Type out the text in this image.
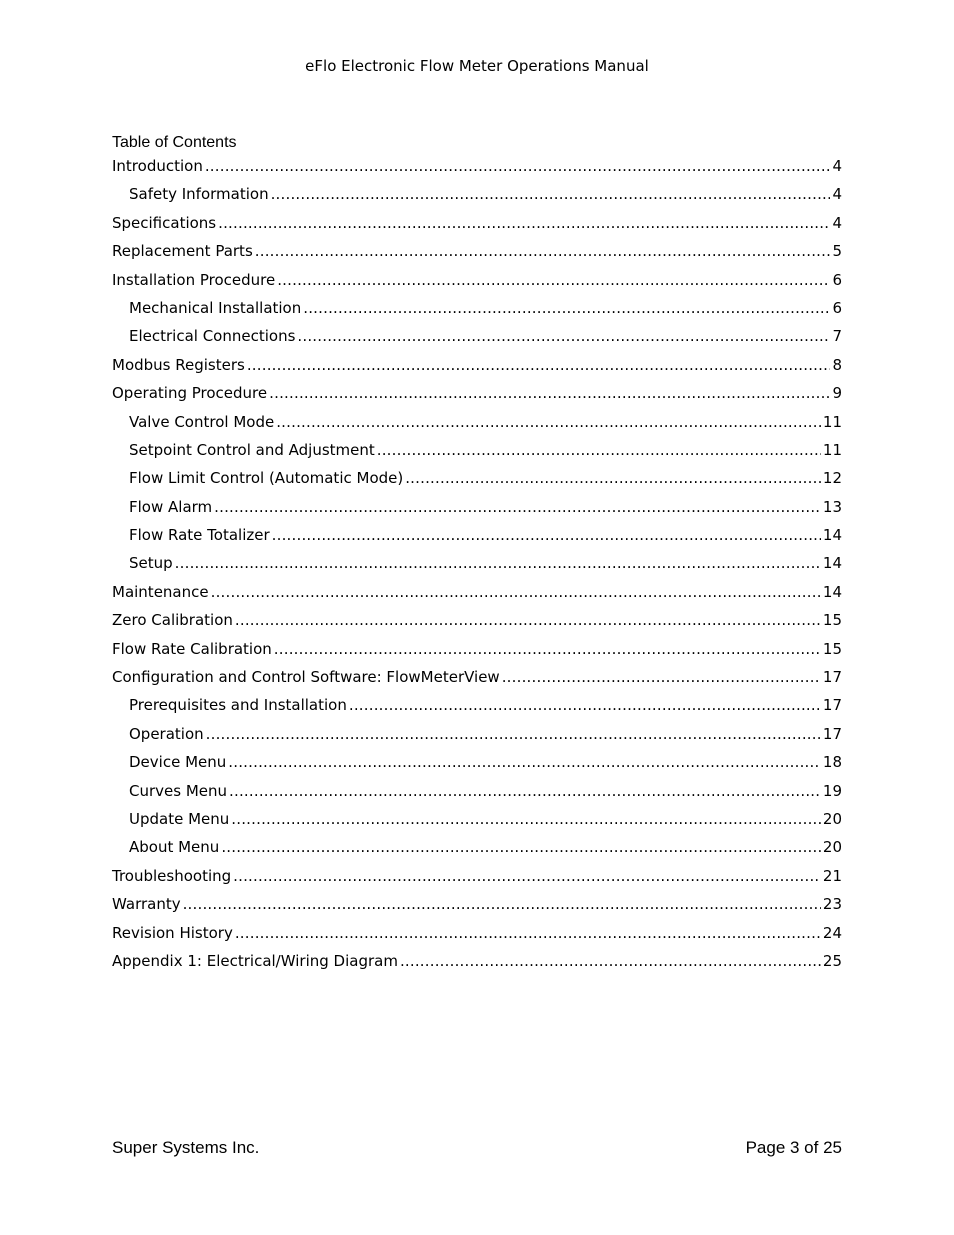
eFlo Electronic Flow Meter Operations Manual
Table of Contents
Introduction .....	4
Safety Information .....	4
Specifications .....	4
Replacement Parts .....	5
Installation Procedure .....	6
Mechanical Installation .....	6
Electrical Connections .....	7
Modbus Registers .....	8
Operating Procedure .....	9
Valve Control Mode .....	11
Setpoint Control and Adjustment .....	11
Flow Limit Control (Automatic Mode) .....	12
Flow Alarm .....	13
Flow Rate Totalizer .....	14
Setup .....	14
Maintenance .....	14
Zero Calibration .....	15
Flow Rate Calibration .....	15
Configuration and Control Software: FlowMeterView .....	17
Prerequisites and Installation .....	17
Operation .....	17
Device Menu .....	18
Curves Menu .....	19
Update Menu .....	20
About Menu .....	20
Troubleshooting .....	21
Warranty .....	23
Revision History .....	24
Appendix 1: Electrical/Wiring Diagram .....	25
Super Systems Inc.	Page 3 of 25
